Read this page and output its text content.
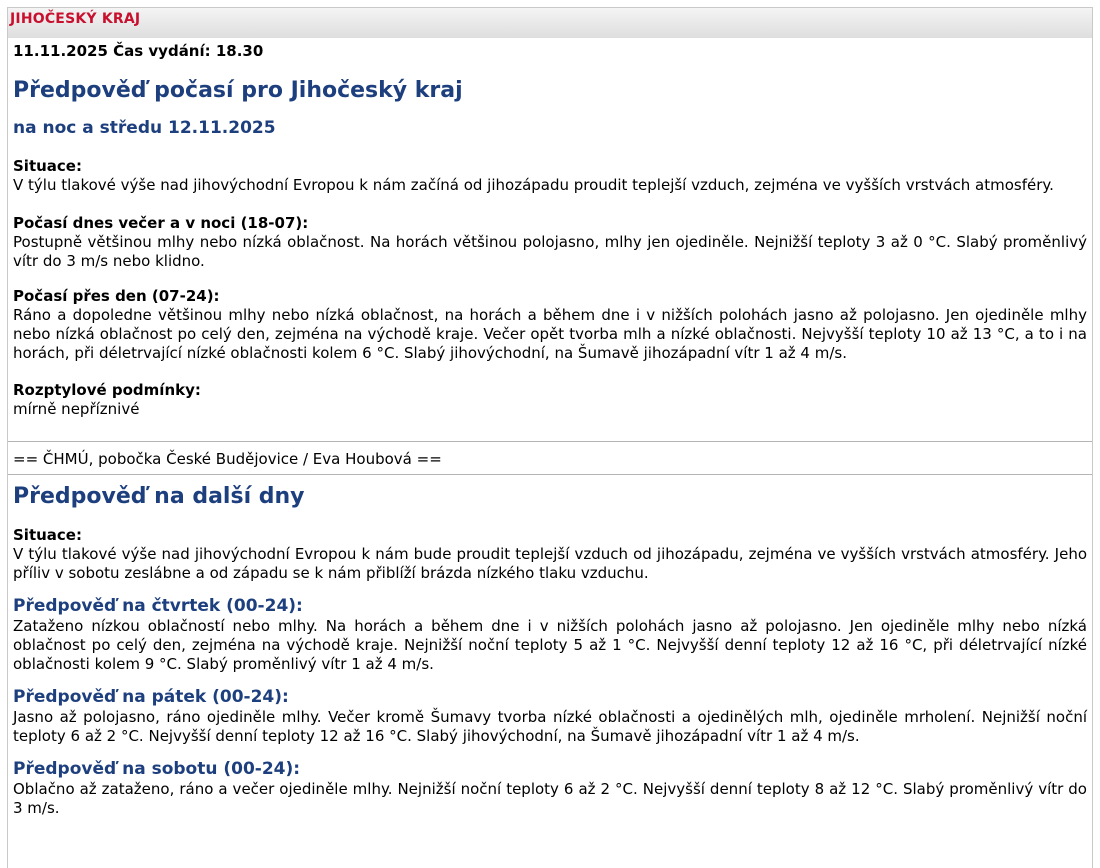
JIHOČESKÝ KRAJ
11.11.2025 Čas vydání: 18.30
Předpověď počasí pro Jihočeský kraj
na noc a středu 12.11.2025
Situace:
V týlu tlakové výše nad jihovýchodní Evropou k nám začíná od jihozápadu proudit teplejší vzduch, zejména ve vyšších vrstvách atmosféry.
Počasí dnes večer a v noci (18-07):
Postupně většinou mlhy nebo nízká oblačnost. Na horách většinou polojasno, mlhy jen ojediněle. Nejnižší teploty 3 až 0 °C. Slabý proměnlivý vítr do 3 m/s nebo klidno.
Počasí přes den (07-24):
Ráno a dopoledne většinou mlhy nebo nízká oblačnost, na horách a během dne i v nižších polohách jasno až polojasno. Jen ojediněle mlhy nebo nízká oblačnost po celý den, zejména na východě kraje. Večer opět tvorba mlh a nízké oblačnosti. Nejvyšší teploty 10 až 13 °C, a to i na horách, při déletrvající nízké oblačnosti kolem 6 °C. Slabý jihovýchodní, na Šumavě jihozápadní vítr 1 až 4 m/s.
Rozptylové podmínky:
mírně nepříznivé
== ČHMÚ, pobočka České Budějovice / Eva Houbová ==
Předpověď na další dny
Situace:
V týlu tlakové výše nad jihovýchodní Evropou k nám bude proudit teplejší vzduch od jihozápadu, zejména ve vyšších vrstvách atmosféry. Jeho příliv v sobotu zeslábne a od západu se k nám přiblíží brázda nízkého tlaku vzduchu.
Předpověď na čtvrtek (00-24):
Zataženo nízkou oblačností nebo mlhy. Na horách a během dne i v nižších polohách jasno až polojasno. Jen ojediněle mlhy nebo nízká oblačnost po celý den, zejména na východě kraje. Nejnižší noční teploty 5 až 1 °C. Nejvyšší denní teploty 12 až 16 °C, při déletrvající nízké oblačnosti kolem 9 °C. Slabý proměnlivý vítr 1 až 4 m/s.
Předpověď na pátek (00-24):
Jasno až polojasno, ráno ojediněle mlhy. Večer kromě Šumavy tvorba nízké oblačnosti a ojedinělých mlh, ojediněle mrholení. Nejnižší noční teploty 6 až 2 °C. Nejvyšší denní teploty 12 až 16 °C. Slabý jihovýchodní, na Šumavě jihozápadní vítr 1 až 4 m/s.
Předpověď na sobotu (00-24):
Oblačno až zataženo, ráno a večer ojediněle mlhy. Nejnižší noční teploty 6 až 2 °C. Nejvyšší denní teploty 8 až 12 °C. Slabý proměnlivý vítr do 3 m/s.
